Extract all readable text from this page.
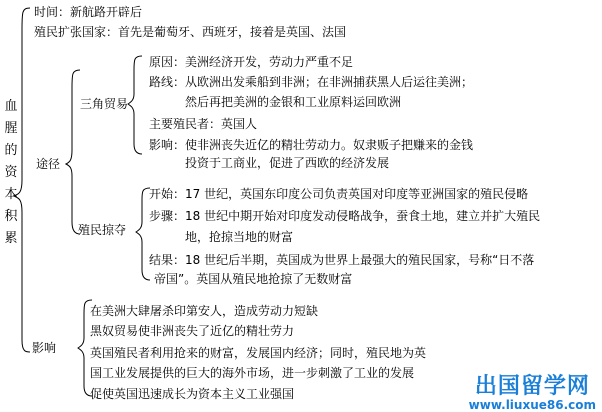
血腥的资本积累
时间：新航路开辟后
殖民扩张国家：首先是葡萄牙、西班牙，接着是英国、法国
途径
三角贸易
原因：美洲经济开发，劳动力严重不足
路线：从欧洲出发乘船到非洲；在非洲捕获黑人后运往美洲；
然后再把美洲的金银和工业原料运回欧洲
主要殖民者：英国人
影响：使非洲丧失近亿的精壮劳动力。奴隶贩子把赚来的金钱
投资于工商业，促进了西欧的经济发展
殖民掠夺
开始：17 世纪，英国东印度公司负责英国对印度等亚洲国家的殖民侵略
步骤：18 世纪中期开始对印度发动侵略战争，蚕食土地，建立并扩大殖民
地，抢掠当地的财富
结果：18 世纪后半期，英国成为世界上最强大的殖民国家，号称“日不落
帝国”。英国从殖民地抢掠了无数财富
影响
在美洲大肆屠杀印第安人，造成劳动力短缺
黑奴贸易使非洲丧失了近亿的精壮劳力
英国殖民者利用抢来的财富，发展国内经济；同时，殖民地为英
国工业发展提供的巨大的海外市场，进一步刺激了工业的发展
促使英国迅速成长为资本主义工业强国	出国留学网
www.liuxue86.com
